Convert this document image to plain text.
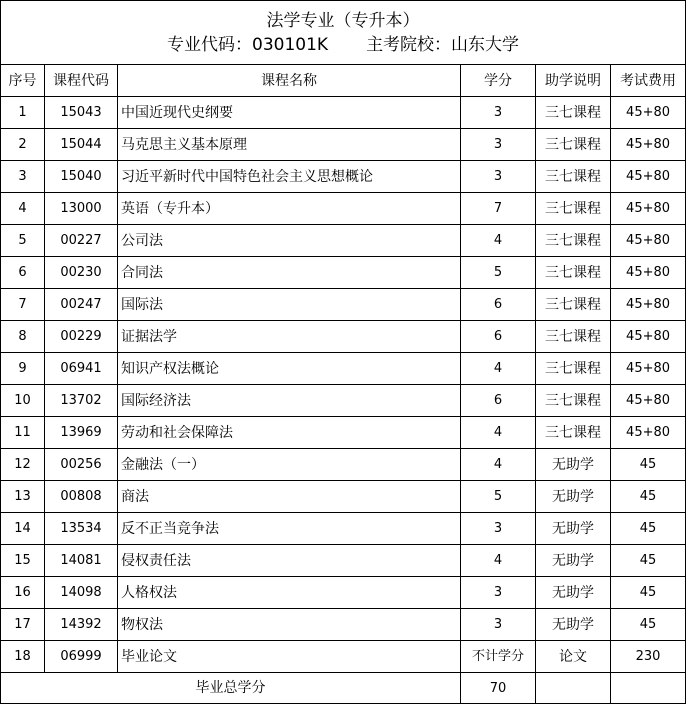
法学专业（专升本）
专业代码：030101K 主考院校：山东大学					

序号	课程代码	课程名称	学分	助学说明	考试费用
1	15043	中国近现代史纲要	3	三七课程	45+80
2	15044	马克思主义基本原理	3	三七课程	45+80
3	15040	习近平新时代中国特色社会主义思想概论	3	三七课程	45+80
4	13000	英语（专升本）	7	三七课程	45+80
5	00227	公司法	4	三七课程	45+80
6	00230	合同法	5	三七课程	45+80
7	00247	国际法	6	三七课程	45+80
8	00229	证据法学	6	三七课程	45+80
9	06941	知识产权法概论	4	三七课程	45+80
10	13702	国际经济法	6	三七课程	45+80
11	13969	劳动和社会保障法	4	三七课程	45+80
12	00256	金融法（一）	4	无助学	45
13	00808	商法	5	无助学	45
14	13534	反不正当竞争法	3	无助学	45
15	14081	侵权责任法	4	无助学	45
16	14098	人格权法	3	无助学	45
17	14392	物权法	3	无助学	45
18	06999	毕业论文	不计学分	论文	230
毕业总学分			70		
